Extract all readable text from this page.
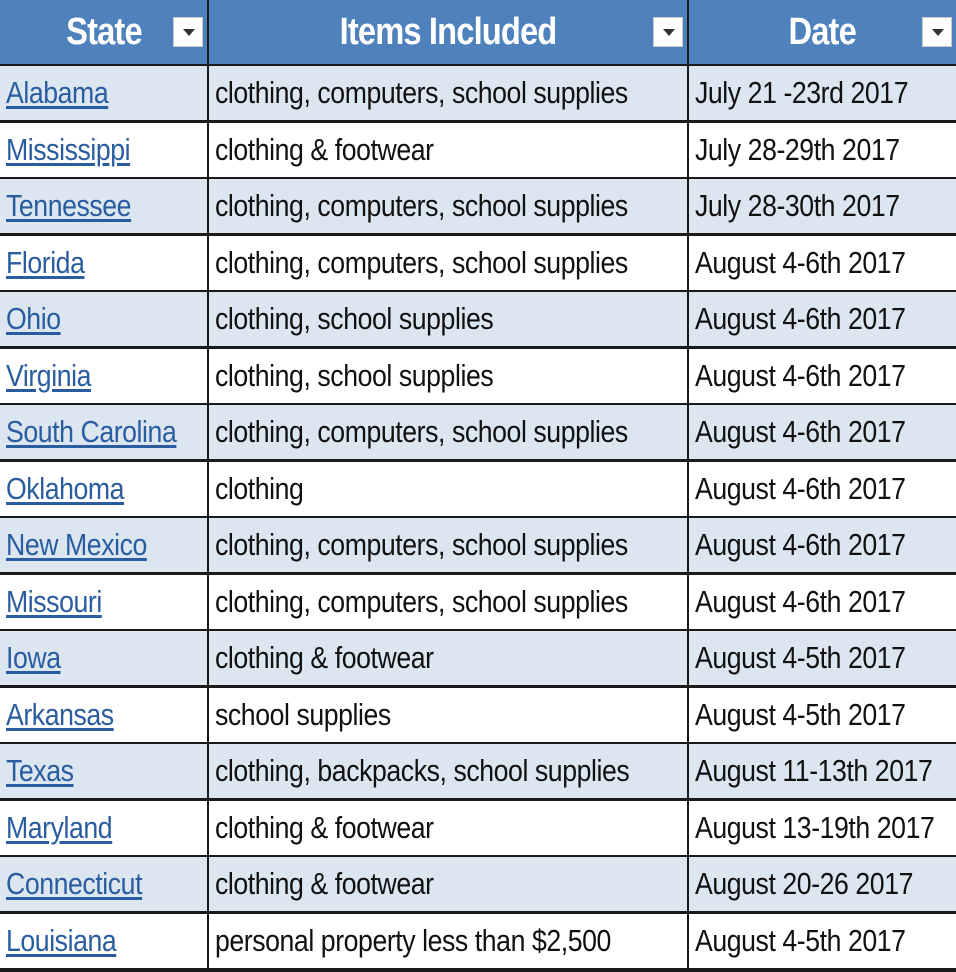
State	Items Included	Date
Alabama	clothing, computers, school supplies	July 21 -23rd 2017
Mississippi	clothing & footwear	July 28-29th 2017
Tennessee	clothing, computers, school supplies	July 28-30th 2017
Florida	clothing, computers, school supplies	August 4-6th 2017
Ohio	clothing, school supplies	August 4-6th 2017
Virginia	clothing, school supplies	August 4-6th 2017
South Carolina	clothing, computers, school supplies	August 4-6th 2017
Oklahoma	clothing	August 4-6th 2017
New Mexico	clothing, computers, school supplies	August 4-6th 2017
Missouri	clothing, computers, school supplies	August 4-6th 2017
Iowa	clothing & footwear	August 4-5th 2017
Arkansas	school supplies	August 4-5th 2017
Texas	clothing, backpacks, school supplies	August 11-13th 2017
Maryland	clothing & footwear	August 13-19th 2017
Connecticut	clothing & footwear	August 20-26 2017
Louisiana	personal property less than $2,500	August 4-5th 2017
